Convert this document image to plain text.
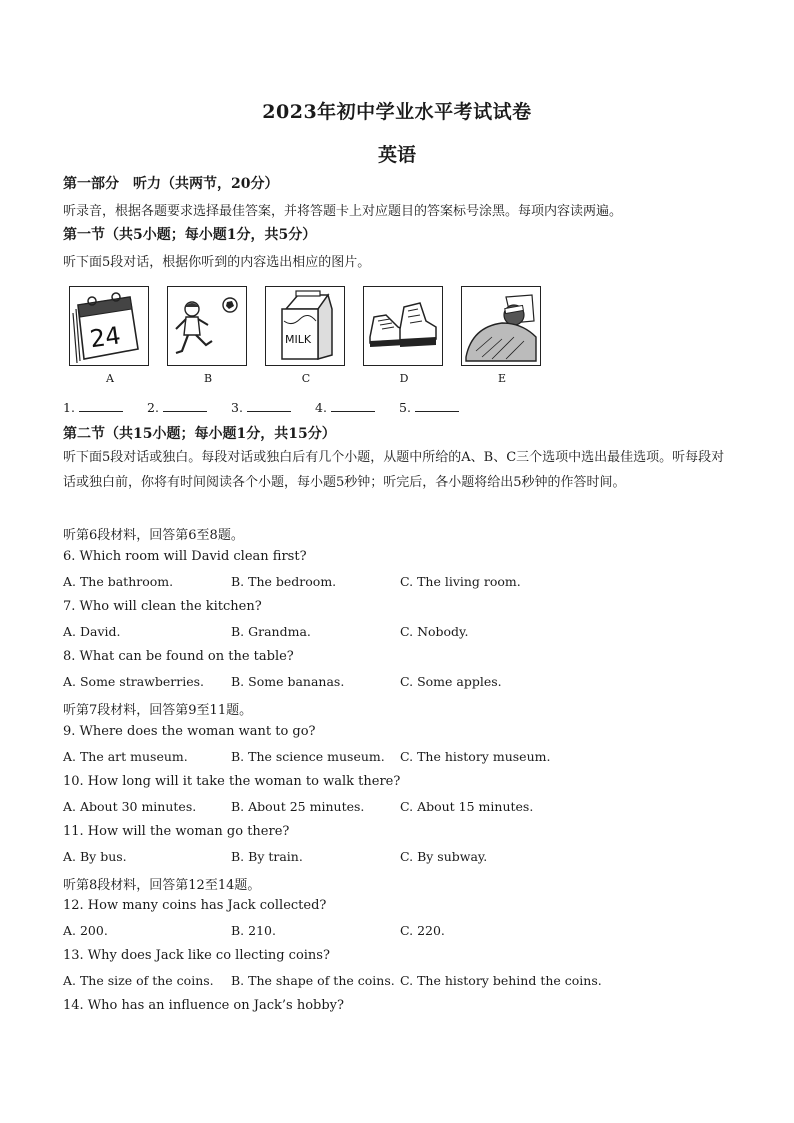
2023年初中学业水平考试试卷
英语
第一部分　听力（共两节，20分）
听录音，根据各题要求选择最佳答案，并将答题卡上对应题目的答案标号涂黑。每项内容读两遍。
第一节（共5小题；每小题1分，共5分）
听下面5段对话，根据你听到的内容选出相应的图片。
24	MILK
A	B	C	D	E
1.	2.	3.	4.	5.
第二节（共15小题；每小题1分，共15分）
听下面5段对话或独白。每段对话或独白后有几个小题，从题中所给的A、B、C三个选项中选出最佳选项。听每段对话或独白前，你将有时间阅读各个小题，每小题5秒钟；听完后，各小题将给出5秒钟的作答时间。
听第6段材料，回答第6至8题。
6. Which room will David clean first?
A. The bathroom.	B. The bedroom.	C. The living room.
7. Who will clean the kitchen?
A. David.	B. Grandma.	C. Nobody.
8. What can be found on the table?
A. Some strawberries. B. Some bananas.	C. Some apples.
听第7段材料，回答第9至11题。
9. Where does the woman want to go?
A. The art museum.	B. The science museum. C. The history museum.
10. How long will it take the woman to walk there?
A. About 30 minutes.	B. About 25 minutes.	C. About 15 minutes.
11. How will the woman go there?
A. By bus.	B. By train.	C. By subway.
听第8段材料，回答第12至14题。
12. How many coins has Jack collected?
A. 200.	B. 210.	C. 220.
13. Why does Jack like co llecting coins?
A. The size of the coins. B. The shape of the coins. C. The history behind the coins.
14. Who has an influence on Jack’s hobby?
